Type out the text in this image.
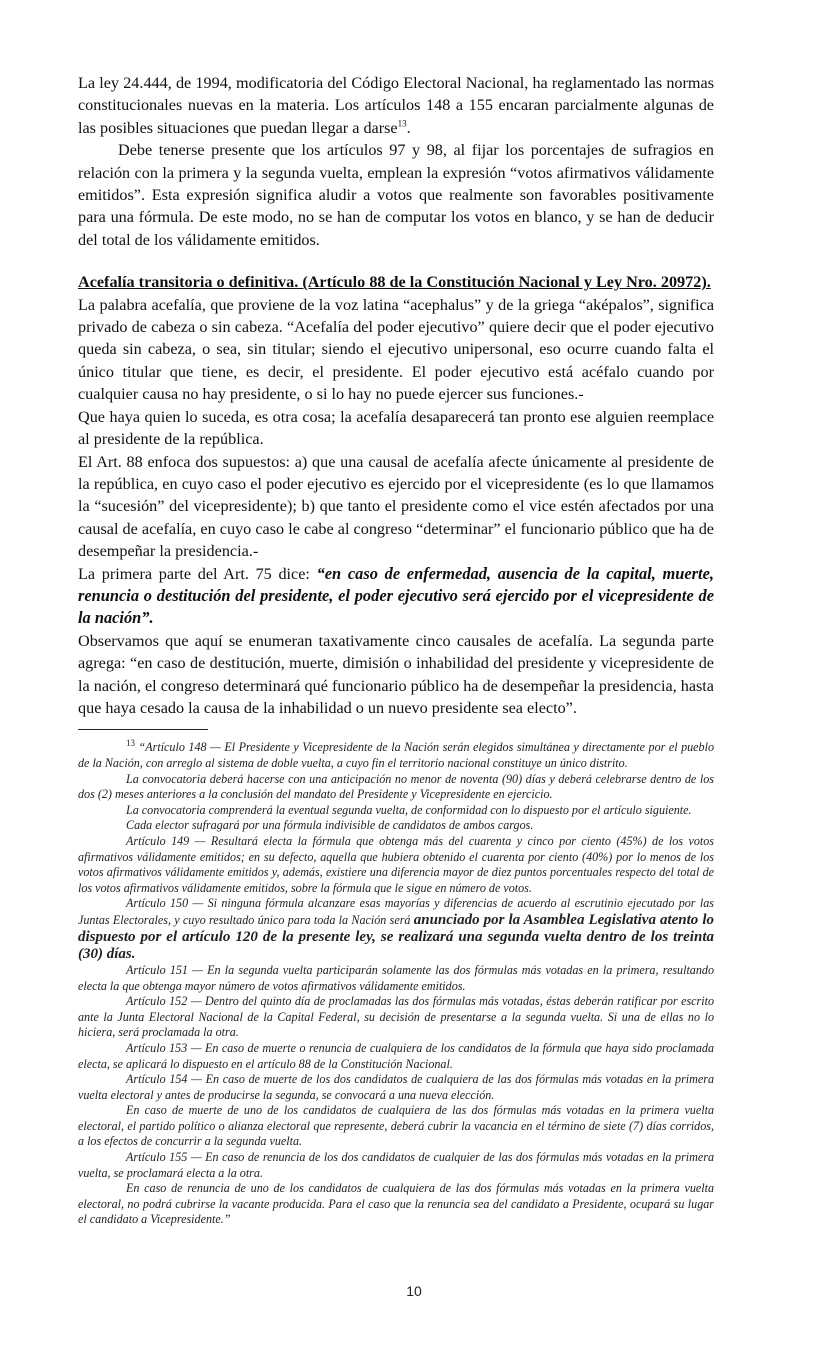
La ley 24.444, de 1994, modificatoria del Código Electoral Nacional, ha reglamentado las normas constitucionales nuevas en la materia. Los artículos 148 a 155 encaran parcialmente algunas de las posibles situaciones que puedan llegar a darse$^{13}$.

Debe tenerse presente que los artículos 97 y 98, al fijar los porcentajes de sufragios en relación con la primera y la segunda vuelta, emplean la expresión “votos afirmativos válidamente emitidos”. Esta expresión significa aludir a votos que realmente son favorables positivamente para una fórmula. De este modo, no se han de computar los votos en blanco, y se han de deducir del total de los válidamente emitidos.

Acefalía transitoria o definitiva. (Artículo 88 de la Constitución Nacional y Ley Nro. 20972).

La palabra acefalía, que proviene de la voz latina “acephalus” y de la griega “aképalos”, significa privado de cabeza o sin cabeza. “Acefalía del poder ejecutivo” quiere decir que el poder ejecutivo queda sin cabeza, o sea, sin titular; siendo el ejecutivo unipersonal, eso ocurre cuando falta el único titular que tiene, es decir, el presidente. El poder ejecutivo está acéfalo cuando por cualquier causa no hay presidente, o si lo hay no puede ejercer sus funciones.-

Que haya quien lo suceda, es otra cosa; la acefalía desaparecerá tan pronto ese alguien reemplace al presidente de la república.

El Art. 88 enfoca dos supuestos: a) que una causal de acefalía afecte únicamente al presidente de la república, en cuyo caso el poder ejecutivo es ejercido por el vicepresidente (es lo que llamamos la “sucesión” del vicepresidente); b) que tanto el presidente como el vice estén afectados por una causal de acefalía, en cuyo caso le cabe al congreso “determinar” el funcionario público que ha de desempeñar la presidencia.-

La primera parte del Art. 75 dice: “en caso de enfermedad, ausencia de la capital, muerte, renuncia o destitución del presidente, el poder ejecutivo será ejercido por el vicepresidente de la nación”.

Observamos que aquí se enumeran taxativamente cinco causales de acefalía. La segunda parte agrega: “en caso de destitución, muerte, dimisión o inhabilidad del presidente y vicepresidente de la nación, el congreso determinará qué funcionario público ha de desempeñar la presidencia, hasta que haya cesado la causa de la inhabilidad o un nuevo presidente sea electo”.

$^{13}$ “Artículo 148 — El Presidente y Vicepresidente de la Nación serán elegidos simultánea y directamente por el pueblo de la Nación, con arreglo al sistema de doble vuelta, a cuyo fin el territorio nacional constituye un único distrito.

La convocatoria deberá hacerse con una anticipación no menor de noventa (90) días y deberá celebrarse dentro de los dos (2) meses anteriores a la conclusión del mandato del Presidente y Vicepresidente en ejercicio.

La convocatoria comprenderá la eventual segunda vuelta, de conformidad con lo dispuesto por el artículo siguiente.

Cada elector sufragará por una fórmula indivisible de candidatos de ambos cargos.

Artículo 149 — Resultará electa la fórmula que obtenga más del cuarenta y cinco por ciento (45%) de los votos afirmativos válidamente emitidos; en su defecto, aquella que hubiera obtenido el cuarenta por ciento (40%) por lo menos de los votos afirmativos válidamente emitidos y, además, existiere una diferencia mayor de diez puntos porcentuales respecto del total de los votos afirmativos válidamente emitidos, sobre la fórmula que le sigue en número de votos.

Artículo 150 — Si ninguna fórmula alcanzare esas mayorías y diferencias de acuerdo al escrutinio ejecutado por las Juntas Electorales, y cuyo resultado único para toda la Nación será anunciado por la Asamblea Legislativa atento lo dispuesto por el artículo 120 de la presente ley, se realizará una segunda vuelta dentro de los treinta (30) días.

Artículo 151 — En la segunda vuelta participarán solamente las dos fórmulas más votadas en la primera, resultando electa la que obtenga mayor número de votos afirmativos válidamente emitidos.

Artículo 152 — Dentro del quinto día de proclamadas las dos fórmulas más votadas, éstas deberán ratificar por escrito ante la Junta Electoral Nacional de la Capital Federal, su decisión de presentarse a la segunda vuelta. Si una de ellas no lo hiciera, será proclamada la otra.

Artículo 153 — En caso de muerte o renuncia de cualquiera de los candidatos de la fórmula que haya sido proclamada electa, se aplicará lo dispuesto en el artículo 88 de la Constitución Nacional.

Artículo 154 — En caso de muerte de los dos candidatos de cualquiera de las dos fórmulas más votadas en la primera vuelta electoral y antes de producirse la segunda, se convocará a una nueva elección.

En caso de muerte de uno de los candidatos de cualquiera de las dos fórmulas más votadas en la primera vuelta electoral, el partido político o alianza electoral que represente, deberá cubrir la vacancia en el término de siete (7) días corridos, a los efectos de concurrir a la segunda vuelta.

Artículo 155 — En caso de renuncia de los dos candidatos de cualquier de las dos fórmulas más votadas en la primera vuelta, se proclamará electa a la otra.

En caso de renuncia de uno de los candidatos de cualquiera de las dos fórmulas más votadas en la primera vuelta electoral, no podrá cubrirse la vacante producida. Para el caso que la renuncia sea del candidato a Presidente, ocupará su lugar el candidato a Vicepresidente.”

10
